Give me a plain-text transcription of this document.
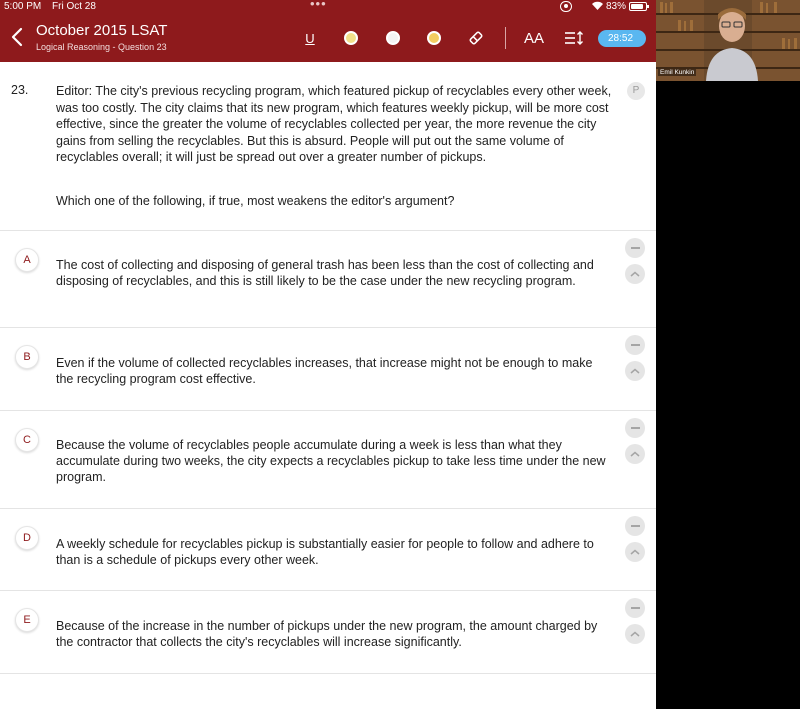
5:00 PM Fri Oct 28	•••	83%
October 2015 LSAT
Logical Reasoning - Question 23
U	AA	28:52
23. Editor: The city's previous recycling program, which featured pickup of recyclables every other week, was too costly. The city claims that its new program, which features weekly pickup, will be more cost effective, since the greater the volume of recyclables collected per year, the more revenue the city gains from selling the recyclables. But this is absurd. People will put out the same volume of recyclables overall; it will just be spread out over a greater number of pickups.
Which one of the following, if true, most weakens the editor's argument?
P
A	The cost of collecting and disposing of general trash has been less than the cost of collecting and disposing of recyclables, and this is still likely to be the case under the new recycling program.
B	Even if the volume of collected recyclables increases, that increase might not be enough to make the recycling program cost effective.
C	Because the volume of recyclables people accumulate during a week is less than what they accumulate during two weeks, the city expects a recyclables pickup to take less time under the new program.
D	A weekly schedule for recyclables pickup is substantially easier for people to follow and adhere to than is a schedule of pickups every other week.
E	Because of the increase in the number of pickups under the new program, the amount charged by the contractor that collects the city's recyclables will increase significantly.
Emil Kunkin
